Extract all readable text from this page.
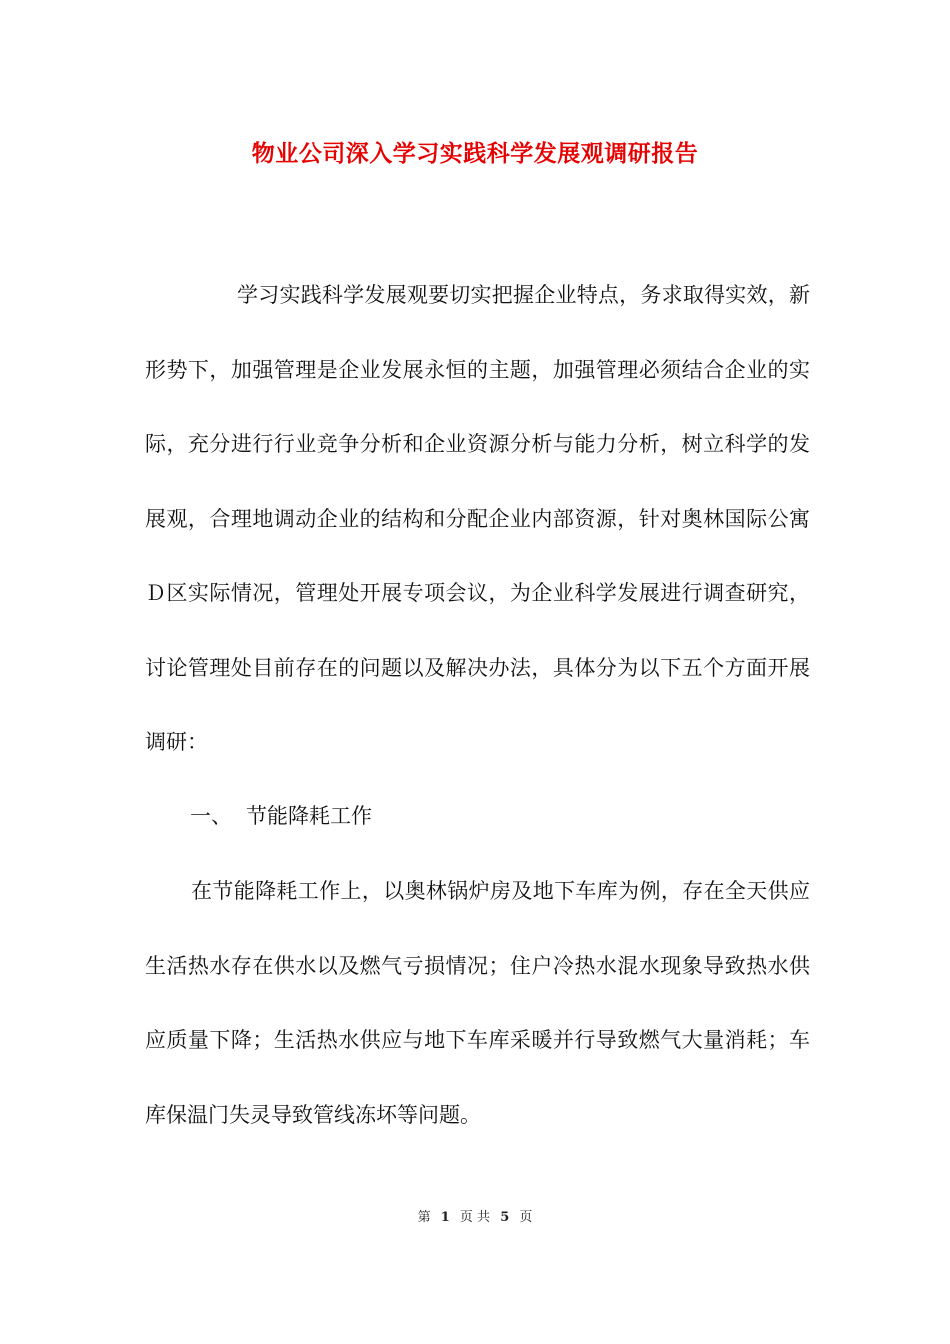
物业公司深入学习实践科学发展观调研报告

学习实践科学发展观要切实把握企业特点，务求取得实效，新形势下，加强管理是企业发展永恒的主题，加强管理必须结合企业的实际，充分进行行业竞争分析和企业资源分析与能力分析，树立科学的发展观，合理地调动企业的结构和分配企业内部资源，针对奥林国际公寓Ｄ区实际情况，管理处开展专项会议，为企业科学发展进行调查研究，讨论管理处目前存在的问题以及解决办法，具体分为以下五个方面开展调研：

一、 节能降耗工作

在节能降耗工作上，以奥林锅炉房及地下车库为例，存在全天供应生活热水存在供水以及燃气亏损情况；住户冷热水混水现象导致热水供应质量下降；生活热水供应与地下车库采暖并行导致燃气大量消耗；车库保温门失灵导致管线冻坏等问题。

第 1 页 共 5 页
